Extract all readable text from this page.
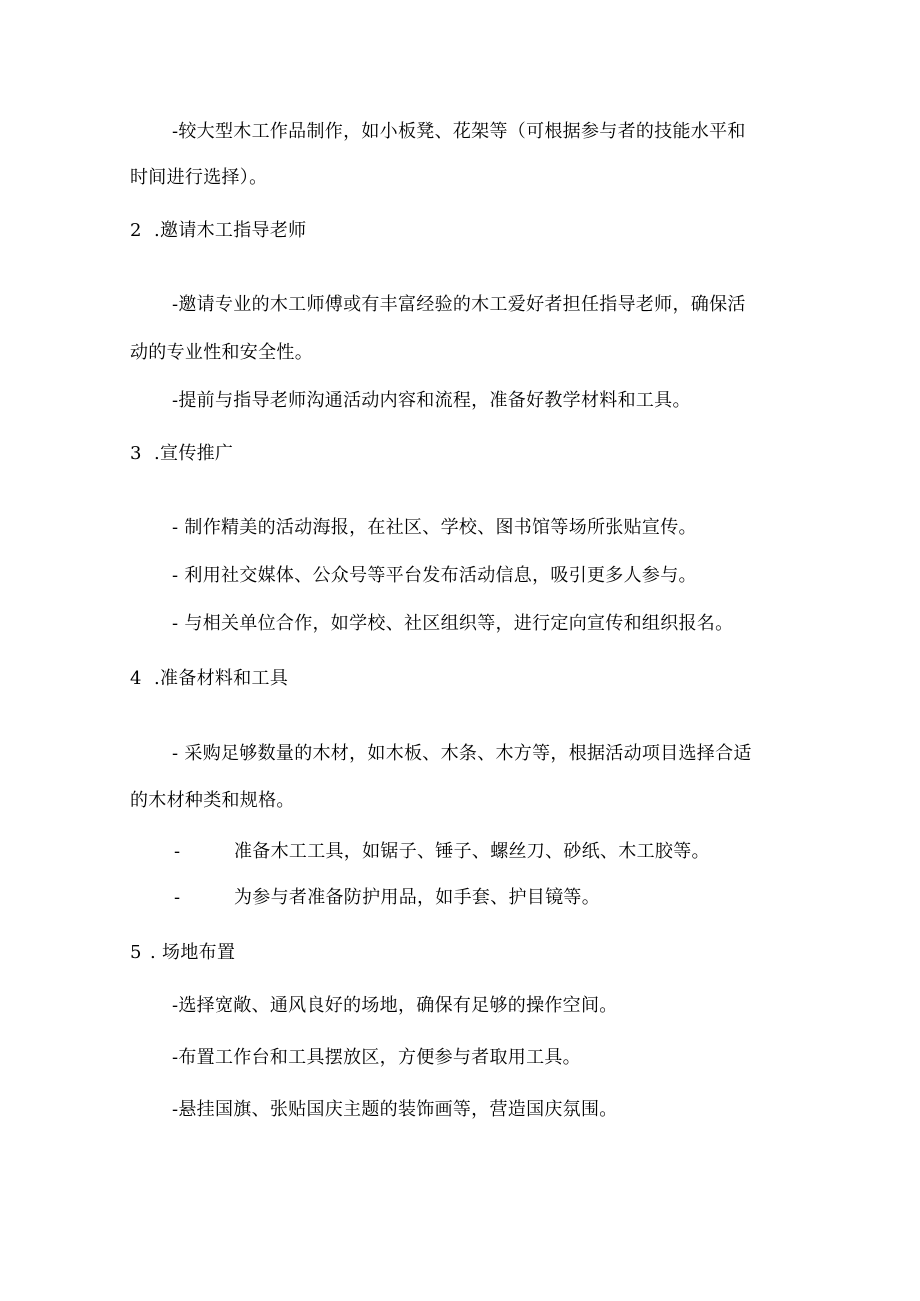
-较大型木工作品制作，如小板凳、花架等（可根据参与者的技能水平和
时间进行选择）。
2 .邀请木工指导老师
-邀请专业的木工师傅或有丰富经验的木工爱好者担任指导老师，确保活
动的专业性和安全性。
-提前与指导老师沟通活动内容和流程，准备好教学材料和工具。
3 .宣传推广
- 制作精美的活动海报，在社区、学校、图书馆等场所张贴宣传。
- 利用社交媒体、公众号等平台发布活动信息，吸引更多人参与。
- 与相关单位合作，如学校、社区组织等，进行定向宣传和组织报名。
4 .准备材料和工具
- 采购足够数量的木材，如木板、木条、木方等，根据活动项目选择合适
的木材种类和规格。
-	准备木工工具，如锯子、锤子、螺丝刀、砂纸、木工胶等。
-	为参与者准备防护用品，如手套、护目镜等。
5 . 场地布置
-选择宽敞、通风良好的场地，确保有足够的操作空间。
-布置工作台和工具摆放区，方便参与者取用工具。
-悬挂国旗、张贴国庆主题的装饰画等，营造国庆氛围。
